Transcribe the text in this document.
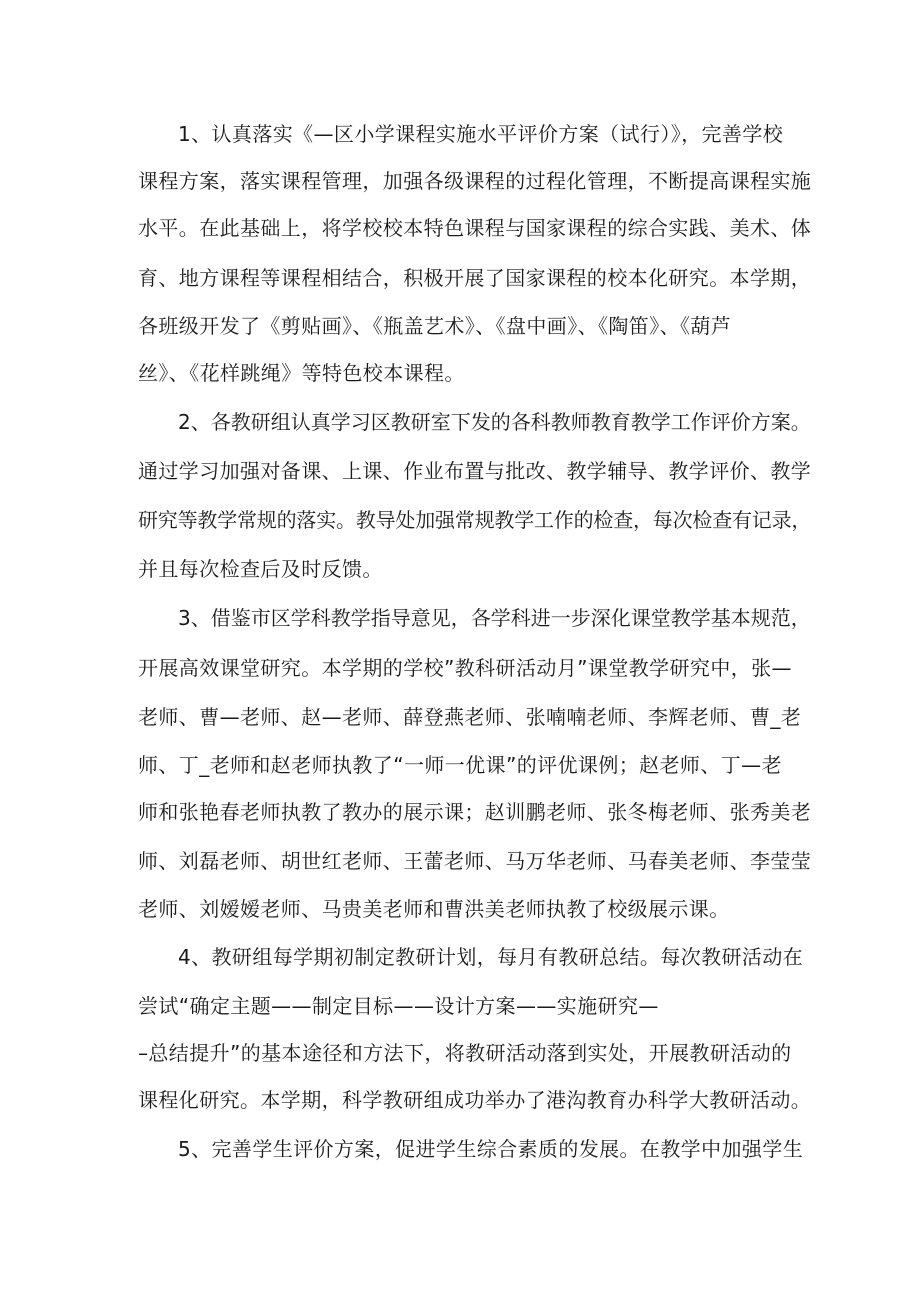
1、认真落实《—区小学课程实施水平评价方案（试行）》，完善学校

课程方案，落实课程管理，加强各级课程的过程化管理，不断提高课程实施

水平。在此基础上，将学校校本特色课程与国家课程的综合实践、美术、体

育、地方课程等课程相结合，积极开展了国家课程的校本化研究。本学期，

各班级开发了《剪贴画》、《瓶盖艺术》、《盘中画》、《陶笛》、《葫芦

丝》、《花样跳绳》等特色校本课程。

2、各教研组认真学习区教研室下发的各科教师教育教学工作评价方案。

通过学习加强对备课、上课、作业布置与批改、教学辅导、教学评价、教学

研究等教学常规的落实。教导处加强常规教学工作的检查，每次检查有记录，

并且每次检查后及时反馈。

3、借鉴市区学科教学指导意见，各学科进一步深化课堂教学基本规范，

开展高效课堂研究。本学期的学校”教科研活动月”课堂教学研究中，张—

老师、曹—老师、赵—老师、薛登燕老师、张喃喃老师、李辉老师、曹_老

师、丁_老师和赵老师执教了“一师一优课”的评优课例；赵老师、丁—老

师和张艳春老师执教了教办的展示课；赵训鹏老师、张冬梅老师、张秀美老

师、刘磊老师、胡世红老师、王蕾老师、马万华老师、马春美老师、李莹莹

老师、刘嫒嫒老师、马贵美老师和曹洪美老师执教了校级展示课。

4、教研组每学期初制定教研计划，每月有教研总结。每次教研活动在

尝试“确定主题——制定目标——设计方案——实施研究—

–总结提升”的基本途径和方法下，将教研活动落到实处，开展教研活动的

课程化研究。本学期，科学教研组成功举办了港沟教育办科学大教研活动。

5、完善学生评价方案，促进学生综合素质的发展。在教学中加强学生
